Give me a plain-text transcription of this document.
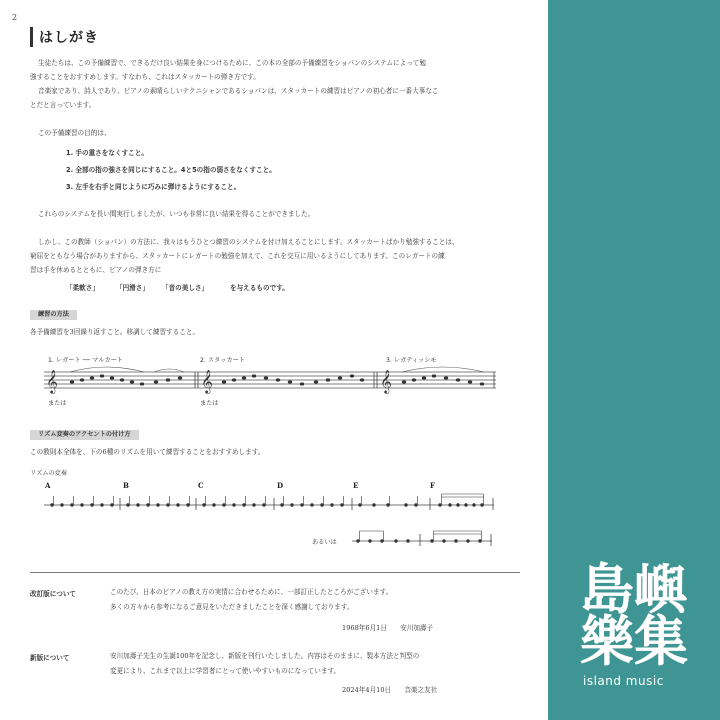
2
はしがき
生徒たちは、この予備練習で、できるだけ良い結果を身につけるために、この本の全部の予備練習をショパンのシステムによって勉
強することをおすすめします。すなわち、これはスタッカートの弾き方です。
音楽家であり、詩人であり、ピアノの素晴らしいテクニシャンであるショパンは、スタッカートの練習はピアノの初心者に一番大事なこ
とだと言っています。
この予備練習の目的は、
1. 手の重さをなくすこと。
2. 全部の指の強さを同じにすること。4と5の指の弱さをなくすこと。
3. 左手を右手と同じように巧みに弾けるようにすること。
これらのシステムを長い間実行しましたが、いつも非常に良い結果を得ることができました。
しかし、この教師（ショパン）の方法に、我々はもうひとつ練習のシステムを付け加えることにします。スタッカートばかり勉強することは、
窮屈をともなう場合がありますから、スタッカートにレガートの勉強を加えて、これを交互に用いるようにしてあります。このレガートの練
習は手を休めるとともに、ピアノの弾き方に
「柔軟さ」	「円滑さ」 「音の美しさ」	を与えるものです。
練習の方法
各予備練習を3回繰り返すこと。移調して練習すること。
1. レガート ── マルカート	2. スタッカート	3. レガティッシモ
𝄞	𝄞	𝄞
または	または
リズム変奏のアクセントの付け方
この教則本全体を、下の6種のリズムを用いて練習することをおすすめします。
リズムの変奏
A	B	C	D	E	F
あるいは
改訂版について	このたび、日本のピアノの教え方の実情に合わせるために、一部訂正したところがございます。
多くの方々から参考になるご意見をいただきましたことを深く感謝しております。
1968年6月1日　　安川加壽子
新版について	安川加壽子先生の生誕100年を記念し、新版を刊行いたしました。内容はそのままに、製本方法と判型の
変更により、これまで以上に学習者にとって使いやすいものになっています。
2024年4月10日　　音楽之友社
島 嶼
樂 集
island music
